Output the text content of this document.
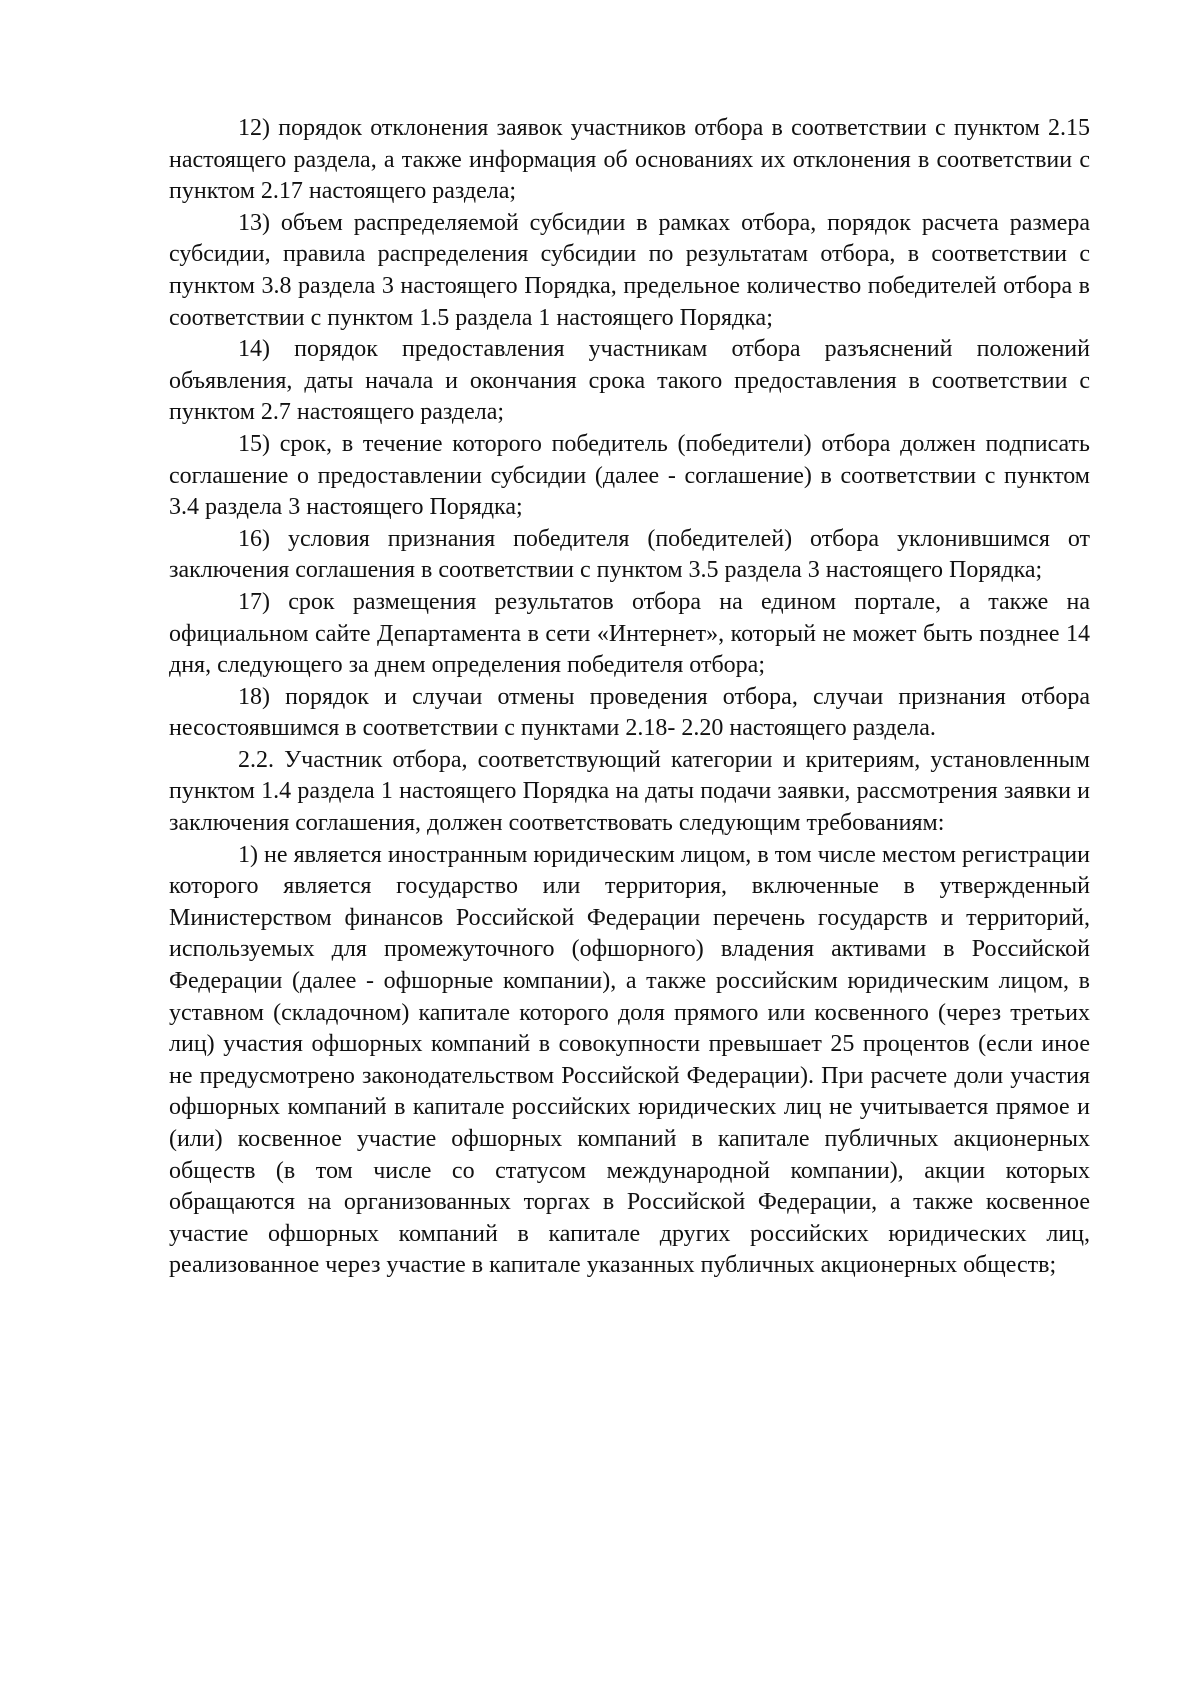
12) порядок отклонения заявок участников отбора в соответствии с пунктом 2.15 настоящего раздела, а также информация об основаниях их отклонения в соответствии с пунктом 2.17 настоящего раздела;

13) объем распределяемой субсидии в рамках отбора, порядок расчета размера субсидии, правила распределения субсидии по результатам отбора, в соответствии с пунктом 3.8 раздела 3 настоящего Порядка, предельное количество победителей отбора в соответствии с пунктом 1.5 раздела 1 настоящего Порядка;

14) порядок предоставления участникам отбора разъяснений положений объявления, даты начала и окончания срока такого предоставления в соответствии с пунктом 2.7 настоящего раздела;

15) срок, в течение которого победитель (победители) отбора должен подписать соглашение о предоставлении субсидии (далее - соглашение) в соответствии с пунктом 3.4 раздела 3 настоящего Порядка;

16) условия признания победителя (победителей) отбора уклонившимся от заключения соглашения в соответствии с пунктом 3.5 раздела 3 настоящего Порядка;

17) срок размещения результатов отбора на едином портале, а также на официальном сайте Департамента в сети «Интернет», который не может быть позднее 14 дня, следующего за днем определения победителя отбора;

18) порядок и случаи отмены проведения отбора, случаи признания отбора несостоявшимся в соответствии с пунктами 2.18- 2.20 настоящего раздела.

2.2. Участник отбора, соответствующий категории и критериям, установленным пунктом 1.4 раздела 1 настоящего Порядка на даты подачи заявки, рассмотрения заявки и заключения соглашения, должен соответствовать следующим требованиям:

1) не является иностранным юридическим лицом, в том числе местом регистрации которого является государство или территория, включенные в утвержденный Министерством финансов Российской Федерации перечень государств и территорий, используемых для промежуточного (офшорного) владения активами в Российской Федерации (далее - офшорные компании), а также российским юридическим лицом, в уставном (складочном) капитале которого доля прямого или косвенного (через третьих лиц) участия офшорных компаний в совокупности превышает 25 процентов (если иное не предусмотрено законодательством Российской Федерации). При расчете доли участия офшорных компаний в капитале российских юридических лиц не учитывается прямое и (или) косвенное участие офшорных компаний в капитале публичных акционерных обществ (в том числе со статусом международной компании), акции которых обращаются на организованных торгах в Российской Федерации, а также косвенное участие офшорных компаний в капитале других российских юридических лиц, реализованное через участие в капитале указанных публичных акционерных обществ;
